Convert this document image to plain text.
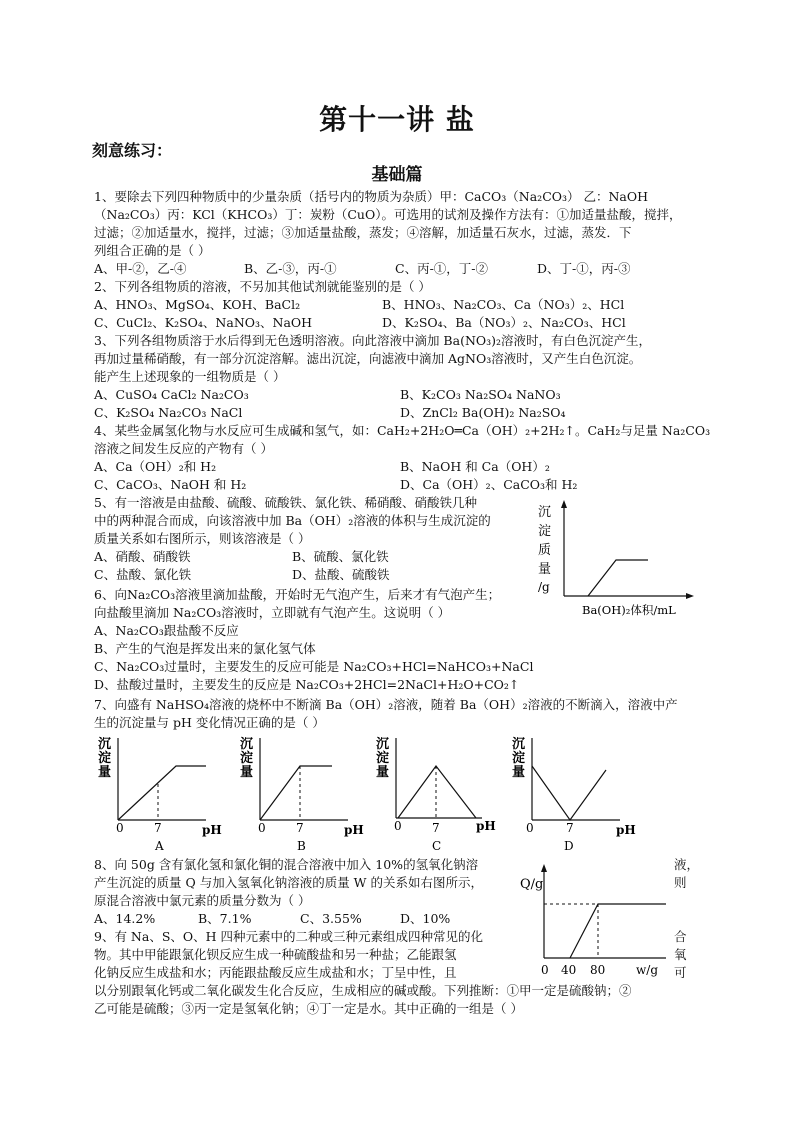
第十一讲 盐
刻意练习：
基础篇
1、要除去下列四种物质中的少量杂质（括号内的物质为杂质）甲：CaCO₃（Na₂CO₃） 乙：NaOH
（Na₂CO₃）丙：KCl（KHCO₃）丁：炭粉（CuO）。可选用的试剂及操作方法有：①加适量盐酸，搅拌，
过滤；②加适量水，搅拌，过滤；③加适量盐酸，蒸发；④溶解，加适量石灰水，过滤，蒸发．下
列组合正确的是（ ）
A、甲-②，乙-④	B、乙-③，丙-①	C、丙-①，丁-②	D、丁-①，丙-③
2、下列各组物质的溶液，不另加其他试剂就能鉴别的是（ ）
A、HNO₃、MgSO₄、KOH、BaCl₂	B、HNO₃、Na₂CO₃、Ca（NO₃）₂、HCl
C、CuCl₂、K₂SO₄、NaNO₃、NaOH	D、K₂SO₄、Ba（NO₃）₂、Na₂CO₃、HCl
3、下列各组物质溶于水后得到无色透明溶液。向此溶液中滴加 Ba(NO₃)₂溶液时，有白色沉淀产生，
再加过量稀硝酸，有一部分沉淀溶解。滤出沉淀，向滤液中滴加 AgNO₃溶液时，又产生白色沉淀。
能产生上述现象的一组物质是（ ）
A、CuSO₄ CaCl₂ Na₂CO₃	B、K₂CO₃ Na₂SO₄ NaNO₃
C、K₂SO₄ Na₂CO₃ NaCl	D、ZnCl₂ Ba(OH)₂ Na₂SO₄
4、某些金属氢化物与水反应可生成碱和氢气，如：CaH₂+2H₂O═Ca（OH）₂+2H₂↑。CaH₂与足量 Na₂CO₃
溶液之间发生反应的产物有（ ）
A、Ca（OH）₂和 H₂	B、NaOH 和 Ca（OH）₂
C、CaCO₃、NaOH 和 H₂	D、Ca（OH）₂、CaCO₃和 H₂
5、有一溶液是由盐酸、硫酸、硫酸铁、氯化铁、稀硝酸、硝酸铁几种
中的两种混合而成，向该溶液中加 Ba（OH）₂溶液的体积与生成沉淀的
质量关系如右图所示，则该溶液是（ ）
A、硝酸、硝酸铁	B、硫酸、氯化铁
C、盐酸、氯化铁	D、盐酸、硫酸铁
沉
淀
质
量
/g
Ba(OH)₂体积/mL
6、向Na₂CO₃溶液里滴加盐酸，开始时无气泡产生，后来才有气泡产生；
向盐酸里滴加 Na₂CO₃溶液时，立即就有气泡产生。这说明（ ）
A、Na₂CO₃跟盐酸不反应
B、产生的气泡是挥发出来的氯化氢气体
C、Na₂CO₃过量时，主要发生的反应可能是 Na₂CO₃+HCl=NaHCO₃+NaCl
D、盐酸过量时，主要发生的反应是 Na₂CO₃+2HCl=2NaCl+H₂O+CO₂↑
7、向盛有 NaHSO₄溶液的烧杯中不断滴 Ba（OH）₂溶液，随着 Ba（OH）₂溶液的不断滴入，溶液中产
生的沉淀量与 pH 变化情况正确的是（ ）
沉
淀
量
0	7	pH
A
沉
淀
量
0	7	pH
B
沉
淀
量
0	7	pH
C
沉
淀
量
0	7	pH
D
8、向 50g 含有氯化氢和氯化铜的混合溶液中加入 10%的氢氧化钠溶
产生沉淀的质量 Q 与加入氢氧化钠溶液的质量 W 的关系如右图所示，
原混合溶液中氯元素的质量分数为（ ）
液，
则
A、14.2%	B、7.1%	C、3.55%	D、10%
Q/g
0 40 80	w/g
9、有 Na、S、O、H 四种元素中的二种或三种元素组成四种常见的化
物。其中甲能跟氯化钡反应生成一种硫酸盐和另一种盐；乙能跟氢
化钠反应生成盐和水；丙能跟盐酸反应生成盐和水；丁呈中性，且
以分别跟氧化钙或二氧化碳发生化合反应，生成相应的碱或酸。下列推断：①甲一定是硫酸钠；②
乙可能是硫酸；③丙一定是氢氧化钠；④丁一定是水。其中正确的一组是（ ）
合
氧
可
